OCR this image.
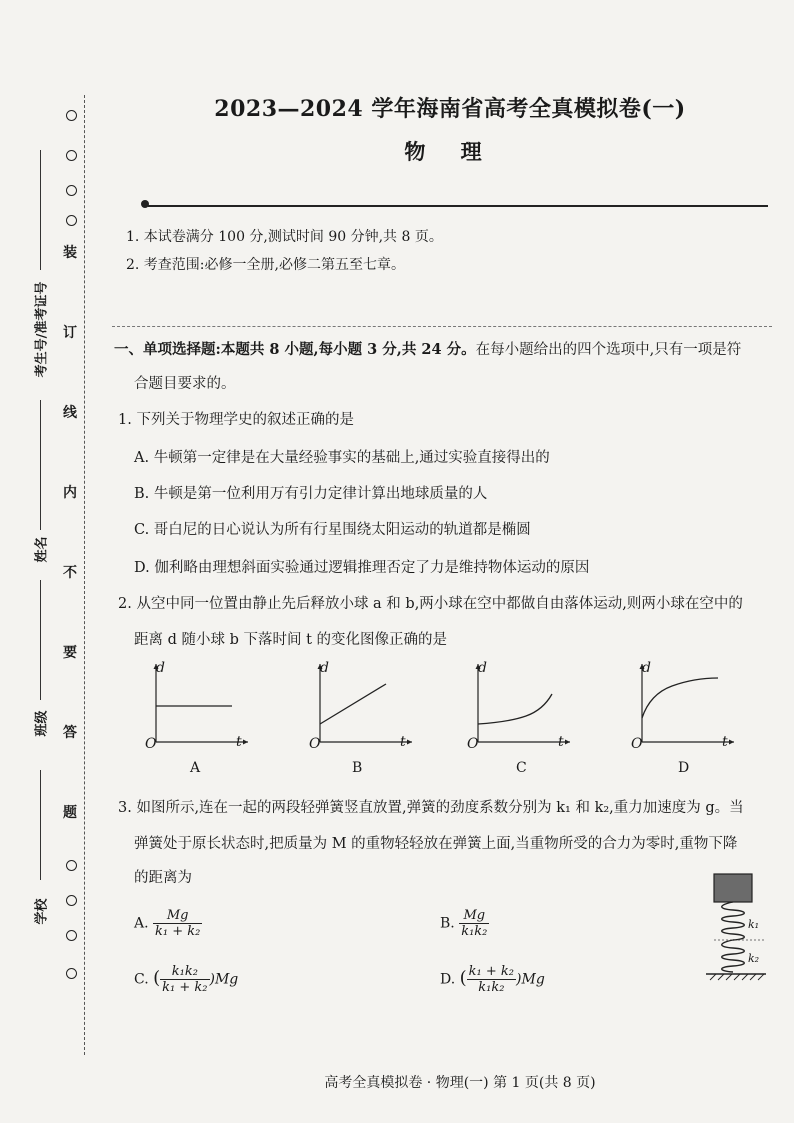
装
订
线
内
不
要
答
题
考生号/准考证号
姓名
班级
学校
2023—2024 学年海南省高考全真模拟卷(一)
物 理
1. 本试卷满分 100 分,测试时间 90 分钟,共 8 页。
2. 考查范围:必修一全册,必修二第五至七章。
一、单项选择题:本题共 8 小题,每小题 3 分,共 24 分。在每小题给出的四个选项中,只有一项是符
合题目要求的。
1. 下列关于物理学史的叙述正确的是
A. 牛顿第一定律是在大量经验事实的基础上,通过实验直接得出的
B. 牛顿是第一位利用万有引力定律计算出地球质量的人
C. 哥白尼的日心说认为所有行星围绕太阳运动的轨道都是椭圆
D. 伽利略由理想斜面实验通过逻辑推理否定了力是维持物体运动的原因
2. 从空中同一位置由静止先后释放小球 a 和 b,两小球在空中都做自由落体运动,则两小球在空中的
距离 d 随小球 b 下落时间 t 的变化图像正确的是
d
t
O
A
d
t
O
B
d
t
O
C
d
t
O
D
3. 如图所示,连在一起的两段轻弹簧竖直放置,弹簧的劲度系数分别为 k₁ 和 k₂,重力加速度为 g。当
弹簧处于原长状态时,把质量为 M 的重物轻轻放在弹簧上面,当重物所受的合力为零时,重物下降
的距离为
A. $\frac{Mg}{\text{k₁ + k₂}}$	B. $\frac{Mg}{\text{k₁k₂}}$
C. ( $\frac{\text{k₁k₂}}{\text{k₁ + k₂}} )Mg$	D. ( $\frac{\text{k₁ + k₂}}{\text{k₁k₂}} )Mg$
k₁
k₂
高考全真模拟卷 · 物理(一) 第 1 页(共 8 页)
